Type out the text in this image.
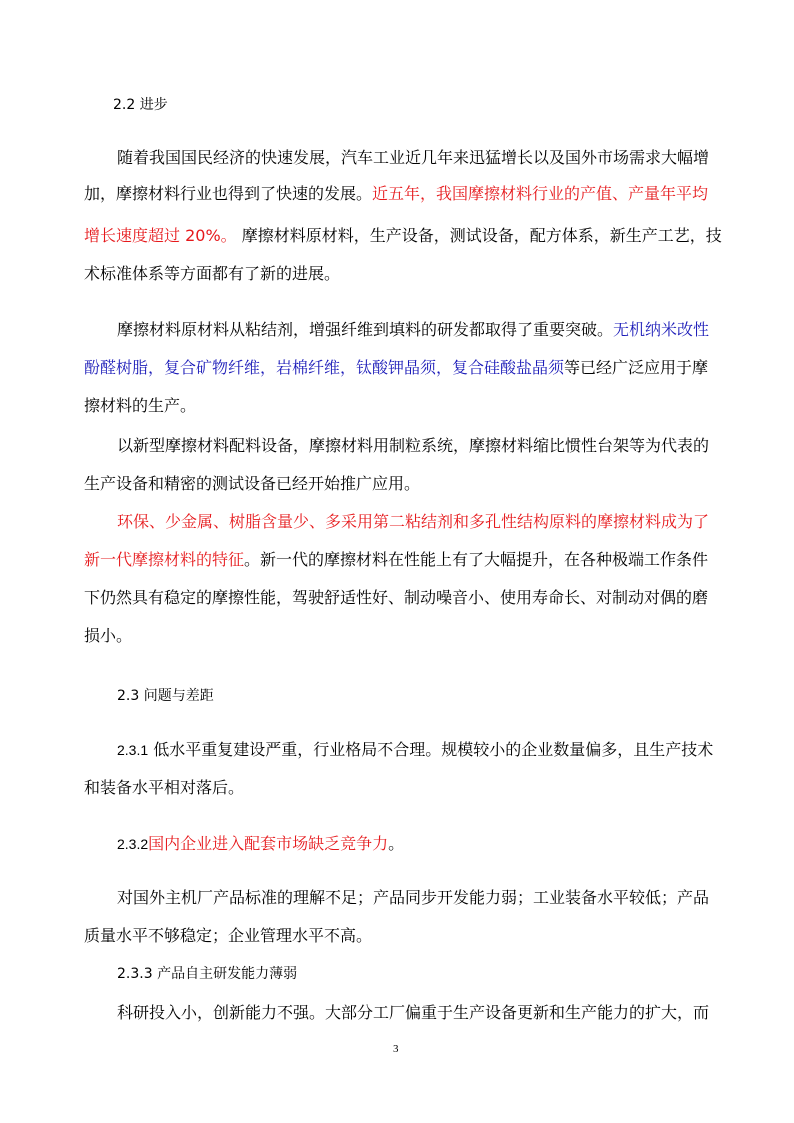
2.2 进步
随着我国国民经济的快速发展，汽车工业近几年来迅猛增长以及国外市场需求大幅增
加，摩擦材料行业也得到了快速的发展。近五年，我国摩擦材料行业的产值、产量年平均
增长速度超过 20%。 摩擦材料原材料，生产设备，测试设备，配方体系，新生产工艺，技
术标准体系等方面都有了新的进展。
摩擦材料原材料从粘结剂，增强纤维到填料的研发都取得了重要突破。无机纳米改性
酚醛树脂，复合矿物纤维，岩棉纤维，钛酸钾晶须，复合硅酸盐晶须等已经广泛应用于摩
擦材料的生产。
以新型摩擦材料配料设备，摩擦材料用制粒系统，摩擦材料缩比惯性台架等为代表的
生产设备和精密的测试设备已经开始推广应用。
环保、少金属、树脂含量少、多采用第二粘结剂和多孔性结构原料的摩擦材料成为了
新一代摩擦材料的特征。新一代的摩擦材料在性能上有了大幅提升，在各种极端工作条件
下仍然具有稳定的摩擦性能，驾驶舒适性好、制动噪音小、使用寿命长、对制动对偶的磨
损小。
2.3 问题与差距
2.3.1 低水平重复建设严重，行业格局不合理。规模较小的企业数量偏多，且生产技术
和装备水平相对落后。
2.3.2国内企业进入配套市场缺乏竞争力。
对国外主机厂产品标准的理解不足；产品同步开发能力弱；工业装备水平较低；产品
质量水平不够稳定；企业管理水平不高。
2.3.3 产品自主研发能力薄弱
科研投入小，创新能力不强。大部分工厂偏重于生产设备更新和生产能力的扩大，而
3
